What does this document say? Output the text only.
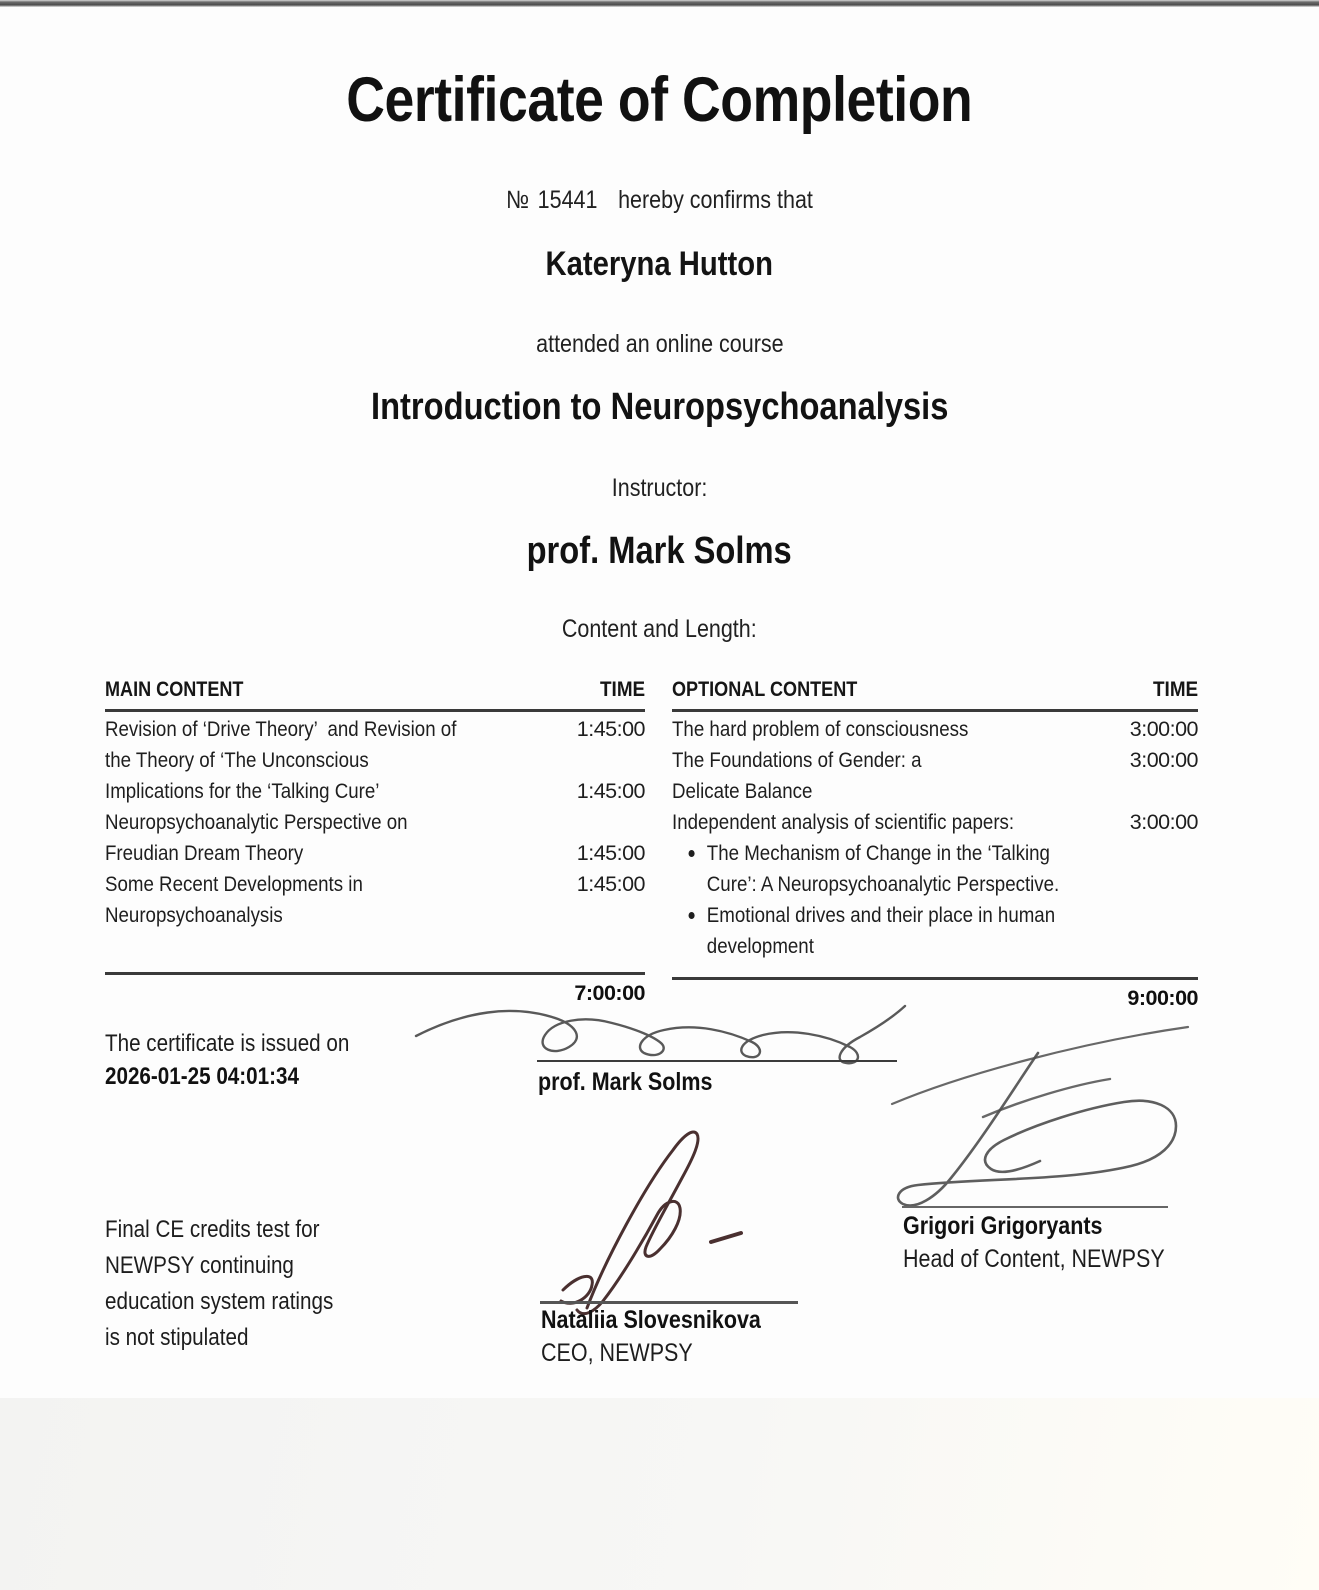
Certificate of Completion
№ 15441 hereby confirms that
Kateryna Hutton
attended an online course
Introduction to Neuropsychoanalysis
Instructor:
prof. Mark Solms
Content and Length:
MAIN CONTENT	TIME
Revision of ‘Drive Theory’  and Revision of	1:45:00
the Theory of ‘The Unconscious
Implications for the ‘Talking Cure’	1:45:00
Neuropsychoanalytic Perspective on
Freudian Dream Theory	1:45:00
Some Recent Developments in	1:45:00
Neuropsychoanalysis
7:00:00
OPTIONAL CONTENT	TIME
The hard problem of consciousness	3:00:00
The Foundations of Gender: a	3:00:00
Delicate Balance
Independent analysis of scientific papers:	3:00:00
The Mechanism of Change in the ‘Talking
Cure’: A Neuropsychoanalytic Perspective.
Emotional drives and their place in human
development
9:00:00
The certificate is issued on
2026-01-25 04:01:34	prof. Mark Solms
Nataliia Slovesnikova
CEO, NEWPSY
Grigori Grigoryants
Head of Content, NEWPSY
Final CE credits test for
NEWPSY continuing
education system ratings
is not stipulated
